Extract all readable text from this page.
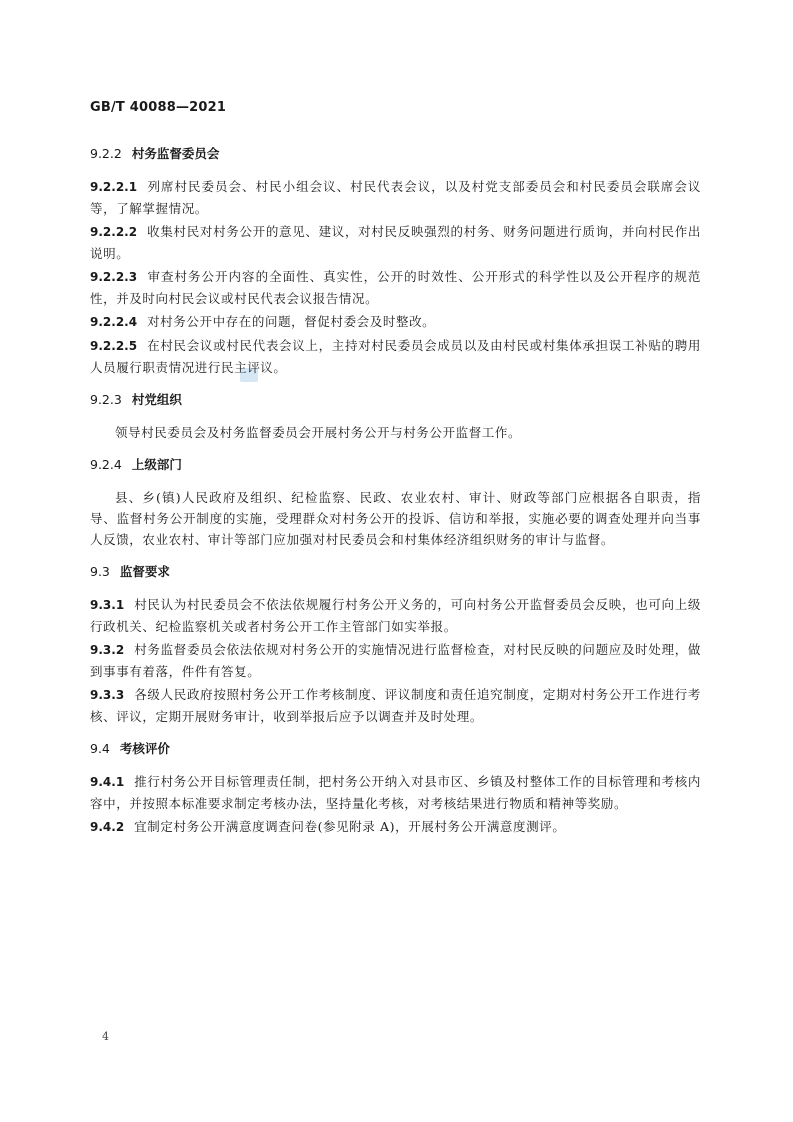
GB/T 40088—2021
9.2.2 村务监督委员会

9.2.2.1 列席村民委员会、村民小组会议、村民代表会议，以及村党支部委员会和村民委员会联席会议等，了解掌握情况。

9.2.2.2 收集村民对村务公开的意见、建议，对村民反映强烈的村务、财务问题进行质询，并向村民作出说明。

9.2.2.3 审查村务公开内容的全面性、真实性，公开的时效性、公开形式的科学性以及公开程序的规范性，并及时向村民会议或村民代表会议报告情况。

9.2.2.4 对村务公开中存在的问题，督促村委会及时整改。

9.2.2.5 在村民会议或村民代表会议上，主持对村民委员会成员以及由村民或村集体承担误工补贴的聘用人员履行职责情况进行民主评议。

9.2.3 村党组织

领导村民委员会及村务监督委员会开展村务公开与村务公开监督工作。

9.2.4 上级部门

县、乡(镇)人民政府及组织、纪检监察、民政、农业农村、审计、财政等部门应根据各自职责，指导、监督村务公开制度的实施，受理群众对村务公开的投诉、信访和举报，实施必要的调查处理并向当事人反馈，农业农村、审计等部门应加强对村民委员会和村集体经济组织财务的审计与监督。

9.3 监督要求

9.3.1 村民认为村民委员会不依法依规履行村务公开义务的，可向村务公开监督委员会反映，也可向上级行政机关、纪检监察机关或者村务公开工作主管部门如实举报。

9.3.2 村务监督委员会依法依规对村务公开的实施情况进行监督检查，对村民反映的问题应及时处理，做到事事有着落，件件有答复。

9.3.3 各级人民政府按照村务公开工作考核制度、评议制度和责任追究制度，定期对村务公开工作进行考核、评议，定期开展财务审计，收到举报后应予以调查并及时处理。

9.4 考核评价

9.4.1 推行村务公开目标管理责任制，把村务公开纳入对县市区、乡镇及村整体工作的目标管理和考核内容中，并按照本标准要求制定考核办法，坚持量化考核，对考核结果进行物质和精神等奖励。

9.4.2 宜制定村务公开满意度调查问卷(参见附录 A)，开展村务公开满意度测评。

4
